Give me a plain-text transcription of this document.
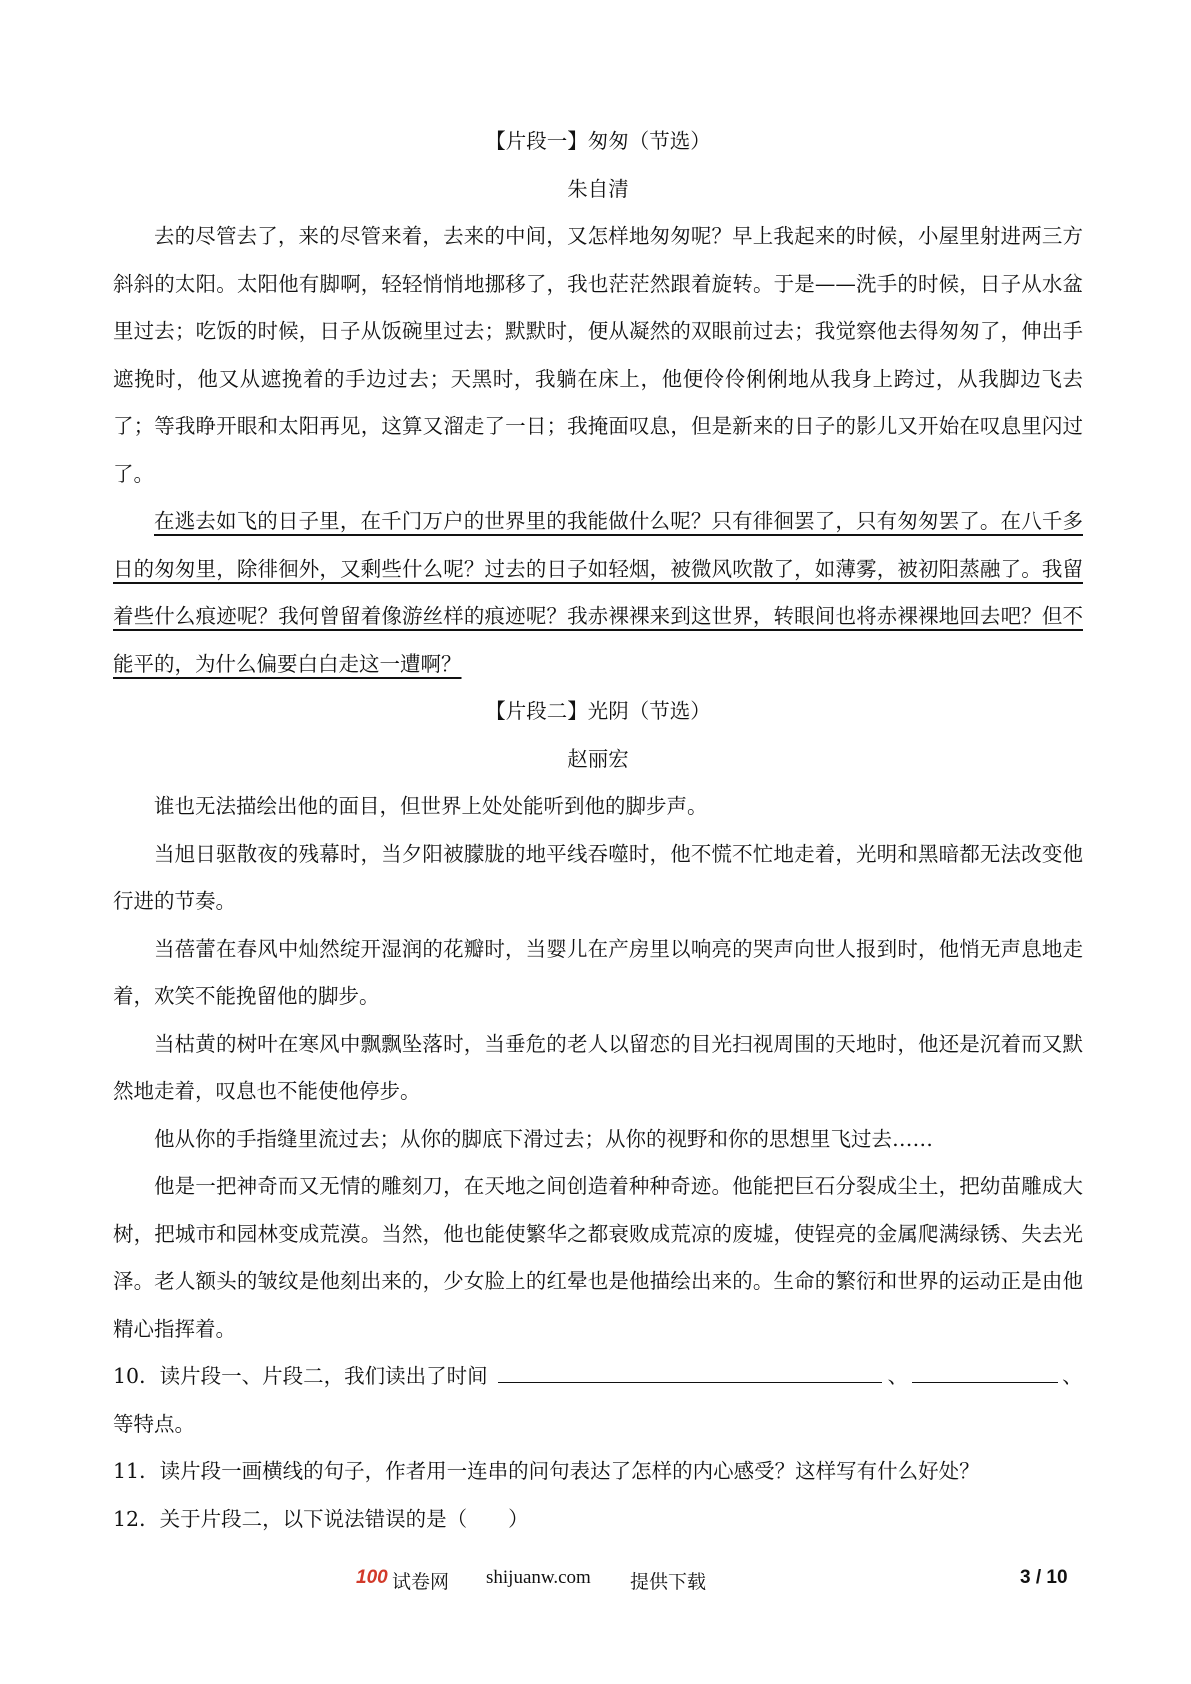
【片段一】匆匆（节选）

朱自清

去的尽管去了，来的尽管来着，去来的中间，又怎样地匆匆呢？早上我起来的时候，小屋里射进两三方斜斜的太阳。太阳他有脚啊，轻轻悄悄地挪移了，我也茫茫然跟着旋转。于是——洗手的时候，日子从水盆里过去；吃饭的时候，日子从饭碗里过去；默默时，便从凝然的双眼前过去；我觉察他去得匆匆了，伸出手遮挽时，他又从遮挽着的手边过去；天黑时，我躺在床上，他便伶伶俐俐地从我身上跨过，从我脚边飞去了；等我睁开眼和太阳再见，这算又溜走了一日；我掩面叹息，但是新来的日子的影儿又开始在叹息里闪过了。

在逃去如飞的日子里，在千门万户的世界里的我能做什么呢？只有徘徊罢了，只有匆匆罢了。在八千多日的匆匆里，除徘徊外，又剩些什么呢？过去的日子如轻烟，被微风吹散了，如薄雾，被初阳蒸融了。我留着些什么痕迹呢？我何曾留着像游丝样的痕迹呢？我赤裸裸来到这世界，转眼间也将赤裸裸地回去吧？但不能平的，为什么偏要白白走这一遭啊？

【片段二】光阴（节选）

赵丽宏

谁也无法描绘出他的面目，但世界上处处能听到他的脚步声。

当旭日驱散夜的残幕时，当夕阳被朦胧的地平线吞噬时，他不慌不忙地走着，光明和黑暗都无法改变他行进的节奏。

当蓓蕾在春风中灿然绽开湿润的花瓣时，当婴儿在产房里以响亮的哭声向世人报到时，他悄无声息地走着，欢笑不能挽留他的脚步。

当枯黄的树叶在寒风中飘飘坠落时，当垂危的老人以留恋的目光扫视周围的天地时，他还是沉着而又默然地走着，叹息也不能使他停步。

他从你的手指缝里流过去；从你的脚底下滑过去；从你的视野和你的思想里飞过去……

他是一把神奇而又无情的雕刻刀，在天地之间创造着种种奇迹。他能把巨石分裂成尘土，把幼苗雕成大树，把城市和园林变成荒漠。当然，他也能使繁华之都衰败成荒凉的废墟，使锃亮的金属爬满绿锈、失去光泽。老人额头的皱纹是他刻出来的，少女脸上的红晕也是他描绘出来的。生命的繁衍和世界的运动正是由他精心指挥着。

10．读片段一、片段二，我们读出了时间	、	、

等特点。

11．读片段一画横线的句子，作者用一连串的问句表达了怎样的内心感受？这样写有什么好处？

12．关于片段二，以下说法错误的是（　　）

100 试卷网 shijuanw.com 提供下载	3 / 10
